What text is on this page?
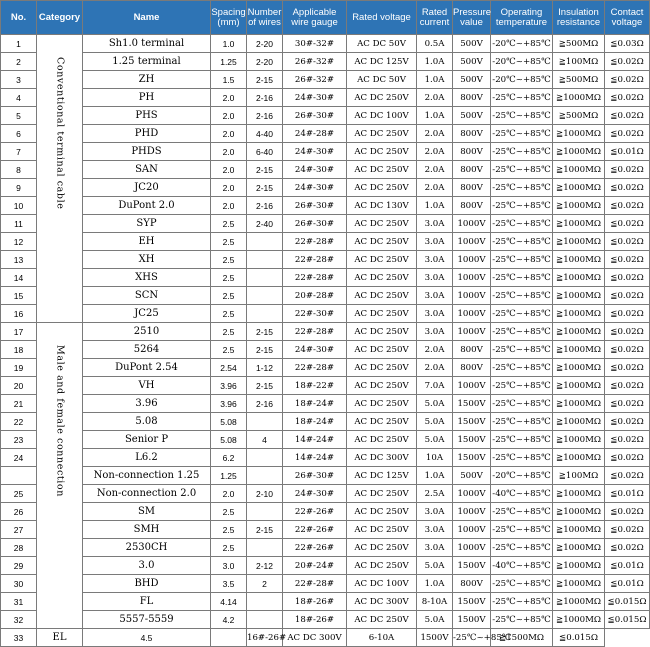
No.	Category	Name	Spacing (mm)	Number of wires	Applicable wire gauge	Rated voltage	Rated current	Pressure value	Operating temperature	Insulation resistance	Contact voltage
1	Conventional terminal cable	Sh1.0 terminal	1.0	2-20	30#-32#	AC DC 50V	0.5A	500V	-20℃~+85℃	≧500MΩ	≦0.03Ω
2		1.25 terminal	1.25	2-20	26#-32#	AC DC 125V	1.0A	500V	-20℃~+85℃	≧100MΩ	≦0.02Ω
3		ZH	1.5	2-15	26#-32#	AC DC 50V	1.0A	500V	-20℃~+85℃	≧500MΩ	≦0.02Ω
4		PH	2.0	2-16	24#-30#	AC DC 250V	2.0A	800V	-25℃~+85℃	≧1000MΩ	≦0.02Ω
5		PHS	2.0	2-16	26#-30#	AC DC 100V	1.0A	500V	-25℃~+85℃	≧500MΩ	≦0.02Ω
6		PHD	2.0	4-40	24#-28#	AC DC 250V	2.0A	800V	-25℃~+85℃	≧1000MΩ	≦0.02Ω
7		PHDS	2.0	6-40	24#-30#	AC DC 250V	2.0A	800V	-25℃~+85℃	≧1000MΩ	≦0.01Ω
8		SAN	2.0	2-15	24#-30#	AC DC 250V	2.0A	800V	-25℃~+85℃	≧1000MΩ	≦0.02Ω
9		JC20	2.0	2-15	24#-30#	AC DC 250V	2.0A	800V	-25℃~+85℃	≧1000MΩ	≦0.02Ω
10		DuPont 2.0	2.0	2-16	26#-30#	AC DC 130V	1.0A	800V	-25℃~+85℃	≧1000MΩ	≦0.02Ω
11		SYP	2.5	2-40	26#-30#	AC DC 250V	3.0A	1000V	-25℃~+85℃	≧1000MΩ	≦0.02Ω
12		EH	2.5		22#-28#	AC DC 250V	3.0A	1000V	-25℃~+85℃	≧1000MΩ	≦0.02Ω
13		XH	2.5		22#-28#	AC DC 250V	3.0A	1000V	-25℃~+85℃	≧1000MΩ	≦0.02Ω
14		XHS	2.5		22#-28#	AC DC 250V	3.0A	1000V	-25℃~+85℃	≧1000MΩ	≦0.02Ω
15		SCN	2.5		20#-28#	AC DC 250V	3.0A	1000V	-25℃~+85℃	≧1000MΩ	≦0.02Ω
16		JC25	2.5		22#-30#	AC DC 250V	3.0A	1000V	-25℃~+85℃	≧1000MΩ	≦0.02Ω
17	Male and female connection	2510	2.5	2-15	22#-28#	AC DC 250V	3.0A	1000V	-25℃~+85℃	≧1000MΩ	≦0.02Ω
18		5264	2.5	2-15	24#-30#	AC DC 250V	2.0A	800V	-25℃~+85℃	≧1000MΩ	≦0.02Ω
19		DuPont 2.54	2.54	1-12	22#-28#	AC DC 250V	2.0A	800V	-25℃~+85℃	≧1000MΩ	≦0.02Ω
20		VH	3.96	2-15	18#-22#	AC DC 250V	7.0A	1000V	-25℃~+85℃	≧1000MΩ	≦0.02Ω
21		3.96	3.96	2-16	18#-24#	AC DC 250V	5.0A	1500V	-25℃~+85℃	≧1000MΩ	≦0.02Ω
22		5.08	5.08		18#-24#	AC DC 250V	5.0A	1500V	-25℃~+85℃	≧1000MΩ	≦0.02Ω
23		Senior P	5.08	4	14#-24#	AC DC 250V	5.0A	1500V	-25℃~+85℃	≧1000MΩ	≦0.02Ω
24		L6.2	6.2		14#-24#	AC DC 300V	10A	1500V	-25℃~+85℃	≧1000MΩ	≦0.02Ω
		Non-connection 1.25	1.25		26#-30#	AC DC 125V	1.0A	500V	-20℃~+85℃	≧100MΩ	≦0.02Ω
25		Non-connection 2.0	2.0	2-10	24#-30#	AC DC 250V	2.5A	1000V	-40℃~+85℃	≧1000MΩ	≦0.01Ω
26		SM	2.5		22#-26#	AC DC 250V	3.0A	1000V	-25℃~+85℃	≧1000MΩ	≦0.02Ω
27		SMH	2.5	2-15	22#-26#	AC DC 250V	3.0A	1000V	-25℃~+85℃	≧1000MΩ	≦0.02Ω
28		2530CH	2.5		22#-26#	AC DC 250V	3.0A	1000V	-25℃~+85℃	≧1000MΩ	≦0.02Ω
29		3.0	3.0	2-12	20#-24#	AC DC 250V	5.0A	1500V	-40℃~+85℃	≧1000MΩ	≦0.01Ω
30		BHD	3.5	2	22#-28#	AC DC 100V	1.0A	800V	-25℃~+85℃	≧1000MΩ	≦0.01Ω
31		FL	4.14		18#-26#	AC DC 300V	8-10A	1500V	-25℃~+85℃	≧1000MΩ	≦0.015Ω
32		5557-5559	4.2		18#-26#	AC DC 250V	5.0A	1500V	-25℃~+85℃	≧1000MΩ	≦0.015Ω
33	EL	4.5		16#-26#	AC DC 300V	6-10A	1500V	-25℃~+85℃	≧1500MΩ	≦0.015Ω	
